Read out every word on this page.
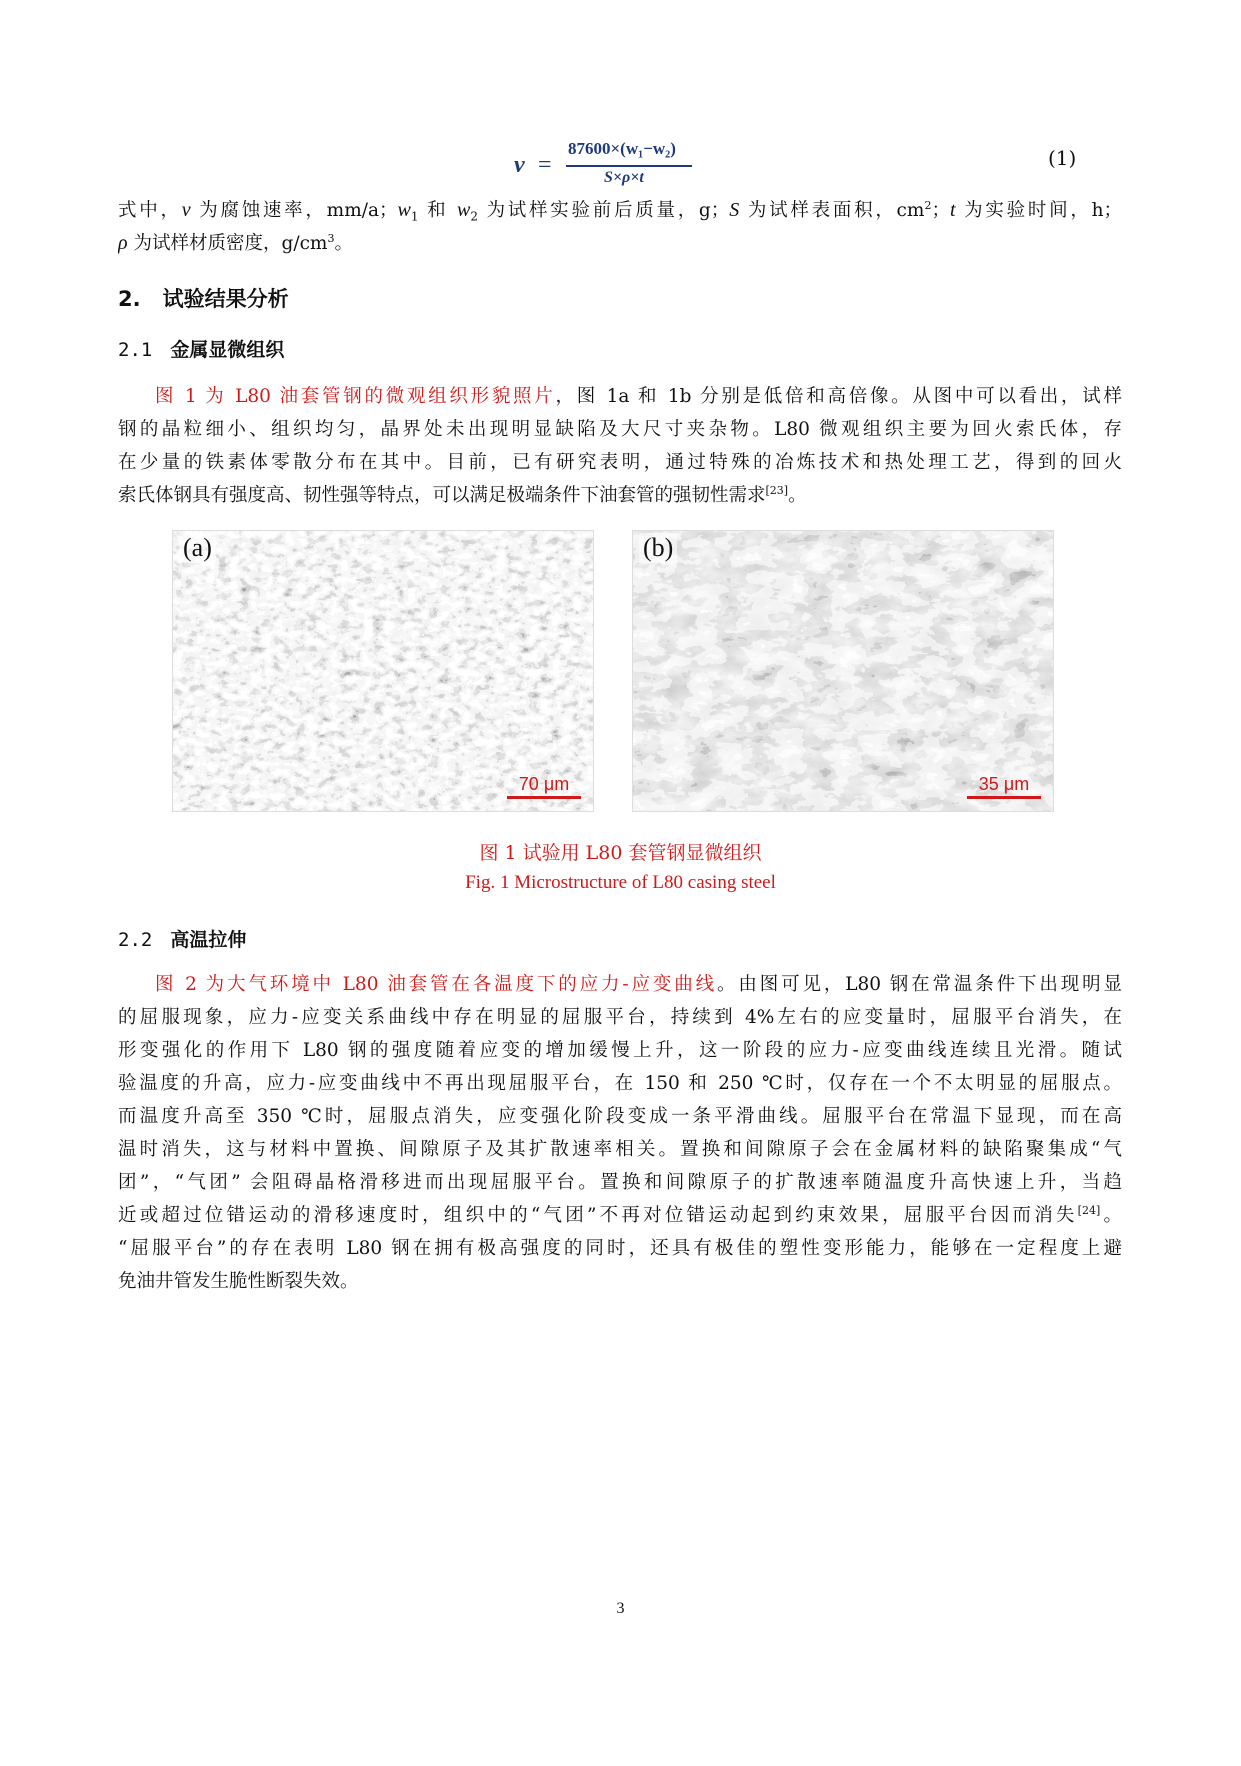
v =
87600×(w₁−w₂)
S×ρ×t
(1)
式中，v 为腐蚀速率，mm/a；$w_1$ 和 $w_2$ 为试样实验前后质量，g；S 为试样表面积，$cm^2$；t 为实验时间，h；
ρ 为试样材质密度，$g/cm^3$。
2. 试验结果分析
2.1 金属显微组织
图 1 为 L80 油套管钢的微观组织形貌照片，图 1a 和 1b 分别是低倍和高倍像。从图中可以看出，试样
钢的晶粒细小、组织均匀，晶界处未出现明显缺陷及大尺寸夹杂物。L80 微观组织主要为回火索氏体，存
在少量的铁素体零散分布在其中。目前，已有研究表明，通过特殊的冶炼技术和热处理工艺，得到的回火
索氏体钢具有强度高、韧性强等特点，可以满足极端条件下油套管的强韧性需求[23]。
(a)
70 μm
(b)
35 μm
图 1 试验用 L80 套管钢显微组织
Fig. 1 Microstructure of L80 casing steel
2.2 高温拉伸
图 2 为大气环境中 L80 油套管在各温度下的应力-应变曲线。由图可见，L80 钢在常温条件下出现明显
的屈服现象，应力-应变关系曲线中存在明显的屈服平台，持续到 4%左右的应变量时，屈服平台消失，在
形变强化的作用下 L80 钢的强度随着应变的增加缓慢上升，这一阶段的应力-应变曲线连续且光滑。随试
验温度的升高，应力-应变曲线中不再出现屈服平台，在 150 和 250 ℃时，仅存在一个不太明显的屈服点。
而温度升高至 350 ℃时，屈服点消失，应变强化阶段变成一条平滑曲线。屈服平台在常温下显现，而在高
温时消失，这与材料中置换、间隙原子及其扩散速率相关。置换和间隙原子会在金属材料的缺陷聚集成“气
团”，“气团” 会阻碍晶格滑移进而出现屈服平台。置换和间隙原子的扩散速率随温度升高快速上升，当趋
近或超过位错运动的滑移速度时，组织中的“气团”不再对位错运动起到约束效果，屈服平台因而消失[24]。
“屈服平台”的存在表明 L80 钢在拥有极高强度的同时，还具有极佳的塑性变形能力，能够在一定程度上避
免油井管发生脆性断裂失效。
3
